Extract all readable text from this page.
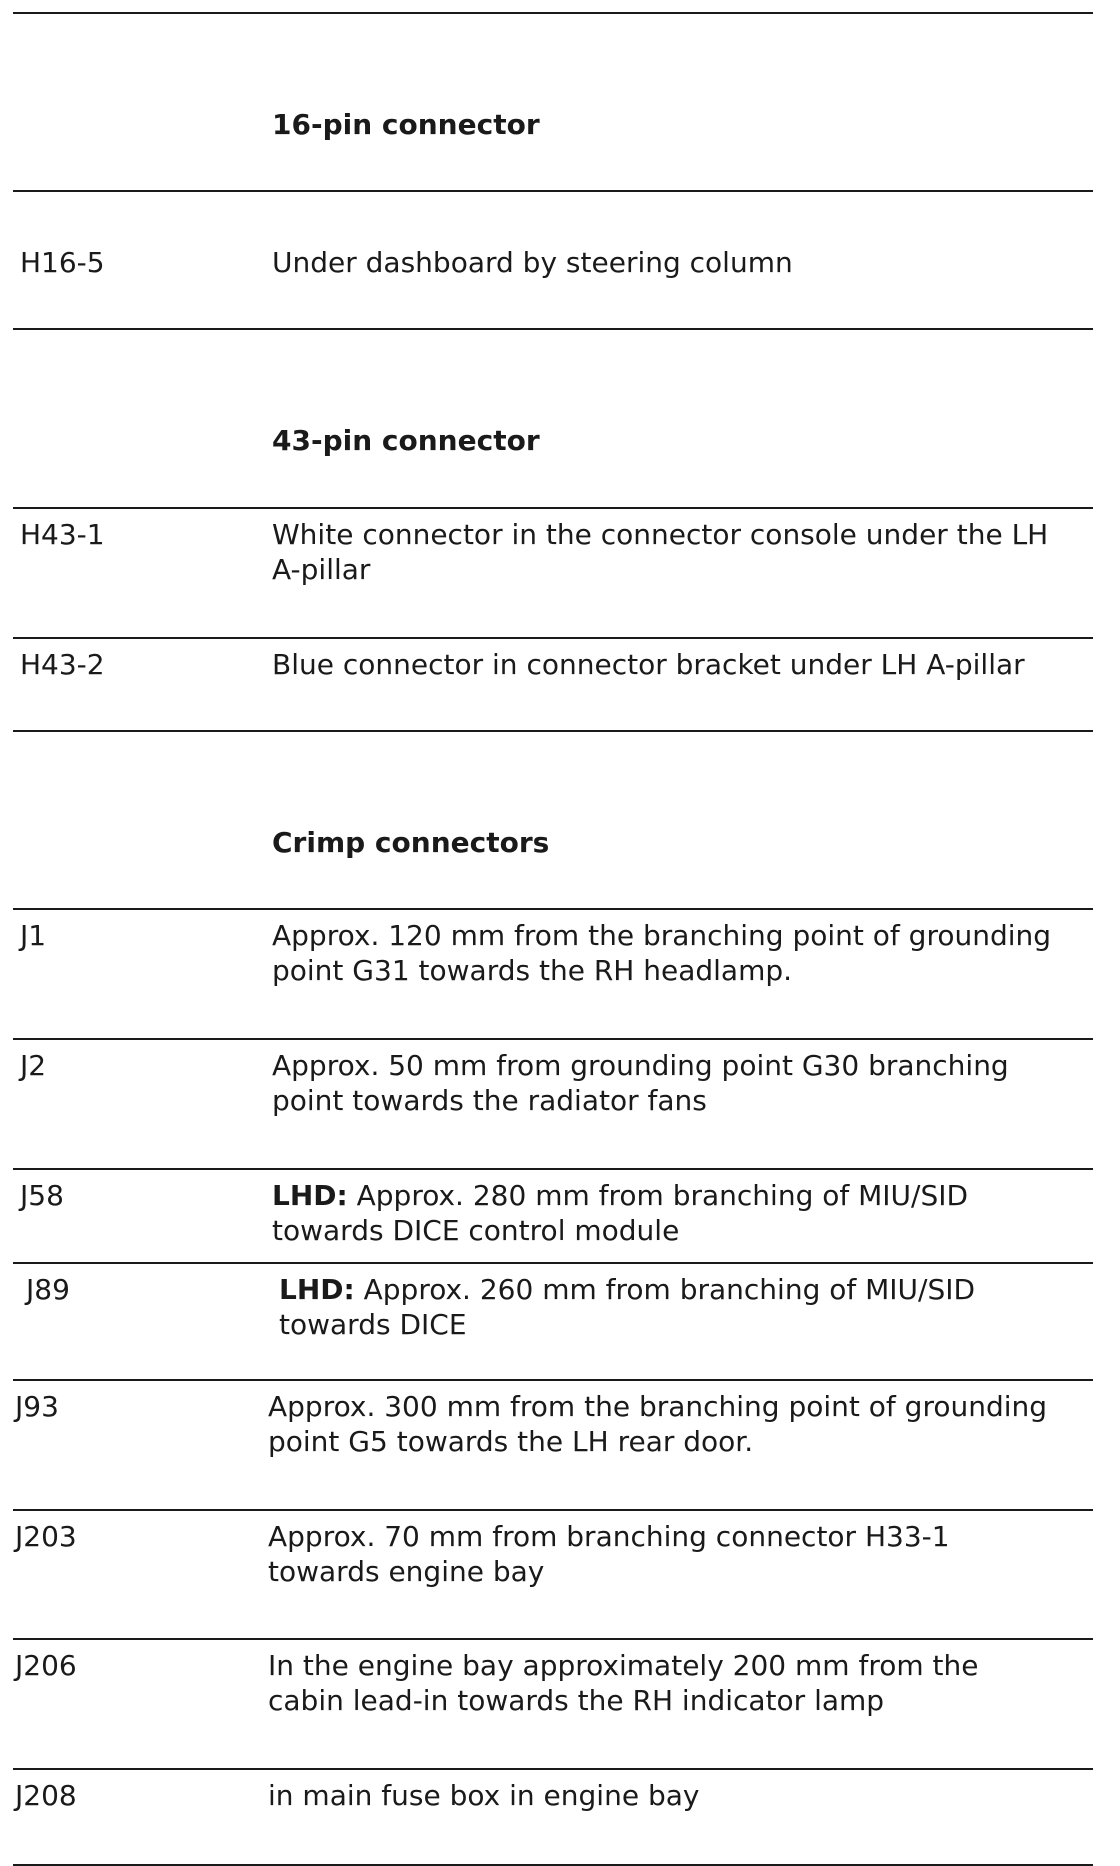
16-pin connector
H16-5	Under dashboard by steering column
43-pin connector
H43-1	White connector in the connector console under the LH
A-pillar
H43-2	Blue connector in connector bracket under LH A-pillar
Crimp connectors
J1	Approx. 120 mm from the branching point of grounding
point G31 towards the RH headlamp.
J2	Approx. 50 mm from grounding point G30 branching
point towards the radiator fans
J58	LHD: Approx. 280 mm from branching of MIU/SID
towards DICE control module
J89	LHD: Approx. 260 mm from branching of MIU/SID
towards DICE
J93	Approx. 300 mm from the branching point of grounding
point G5 towards the LH rear door.
J203	Approx. 70 mm from branching connector H33-1
towards engine bay
J206	In the engine bay approximately 200 mm from the
cabin lead-in towards the RH indicator lamp
J208	in main fuse box in engine bay
